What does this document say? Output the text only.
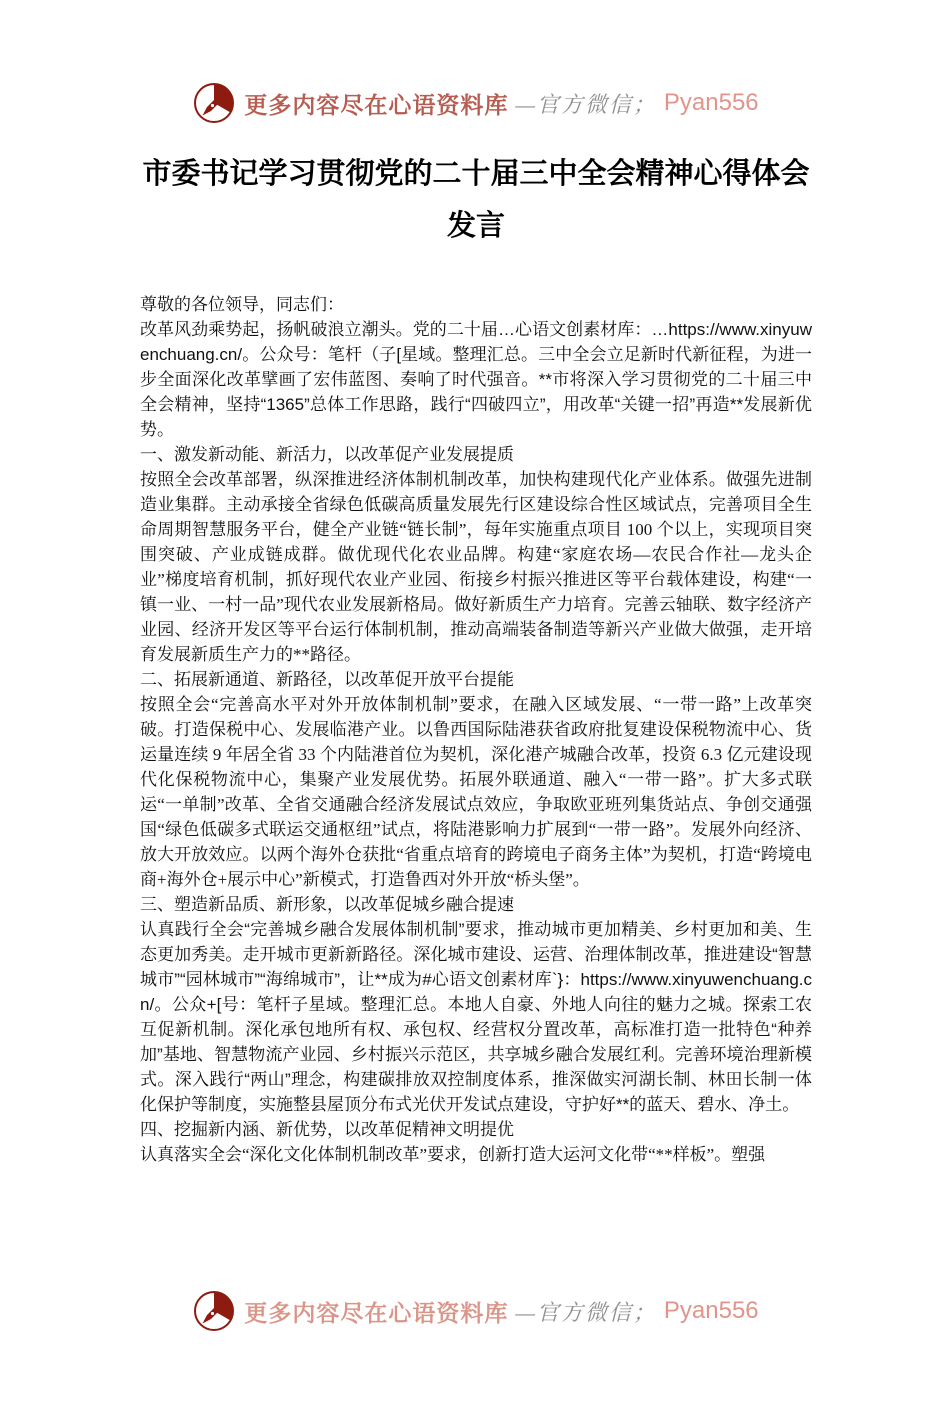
更多内容尽在心语资料库 —官方微信； Pyan556
市委书记学习贯彻党的二十届三中全会精神心得体会发言

尊敬的各位领导，同志们：

改革风劲乘势起，扬帆破浪立潮头。党的二十届…心语文创素材库：…https://www.xinyuwenchuang.cn/。公众号：笔杆（子[星域。整理汇总。三中全会立足新时代新征程，为进一步全面深化改革擘画了宏伟蓝图、奏响了时代强音。**市将深入学习贯彻党的二十届三中全会精神，坚持“1365”总体工作思路，践行“四破四立”，用改革“关键一招”再造**发展新优势。

一、激发新动能、新活力，以改革促产业发展提质

按照全会改革部署，纵深推进经济体制机制改革，加快构建现代化产业体系。做强先进制造业集群。主动承接全省绿色低碳高质量发展先行区建设综合性区域试点，完善项目全生命周期智慧服务平台，健全产业链“链长制”，每年实施重点项目 100 个以上，实现项目突围突破、产业成链成群。做优现代化农业品牌。构建“家庭农场—农民合作社—龙头企业”梯度培育机制，抓好现代农业产业园、衔接乡村振兴推进区等平台载体建设，构建“一镇一业、一村一品”现代农业发展新格局。做好新质生产力培育。完善云轴联、数字经济产业园、经济开发区等平台运行体制机制，推动高端装备制造等新兴产业做大做强，走开培育发展新质生产力的**路径。

二、拓展新通道、新路径，以改革促开放平台提能

按照全会“完善高水平对外开放体制机制”要求，在融入区域发展、“一带一路”上改革突破。打造保税中心、发展临港产业。以鲁西国际陆港获省政府批复建设保税物流中心、货运量连续 9 年居全省 33 个内陆港首位为契机，深化港产城融合改革，投资 6.3 亿元建设现代化保税物流中心，集聚产业发展优势。拓展外联通道、融入“一带一路”。扩大多式联运“一单制”改革、全省交通融合经济发展试点效应，争取欧亚班列集货站点、争创交通强国“绿色低碳多式联运交通枢纽”试点，将陆港影响力扩展到“一带一路”。发展外向经济、放大开放效应。以两个海外仓获批“省重点培育的跨境电子商务主体”为契机，打造“跨境电商+海外仓+展示中心”新模式，打造鲁西对外开放“桥头堡”。

三、塑造新品质、新形象，以改革促城乡融合提速

认真践行全会“完善城乡融合发展体制机制”要求，推动城市更加精美、乡村更加和美、生态更加秀美。走开城市更新新路径。深化城市建设、运营、治理体制改革，推进建设“智慧城市”“园林城市”“海绵城市”，让**成为#心语文创素材库`}：https://www.xinyuwenchuang.cn/。公众+[号：笔杆子星域。整理汇总。本地人自豪、外地人向往的魅力之城。探索工农互促新机制。深化承包地所有权、承包权、经营权分置改革，高标准打造一批特色“种养加”基地、智慧物流产业园、乡村振兴示范区，共享城乡融合发展红利。完善环境治理新模式。深入践行“两山”理念，构建碳排放双控制度体系，推深做实河湖长制、林田长制一体化保护等制度，实施整县屋顶分布式光伏开发试点建设，守护好**的蓝天、碧水、净土。

四、挖掘新内涵、新优势，以改革促精神文明提优

认真落实全会“深化文化体制机制改革”要求，创新打造大运河文化带“**样板”。塑强

更多内容尽在心语资料库 —官方微信； Pyan556
